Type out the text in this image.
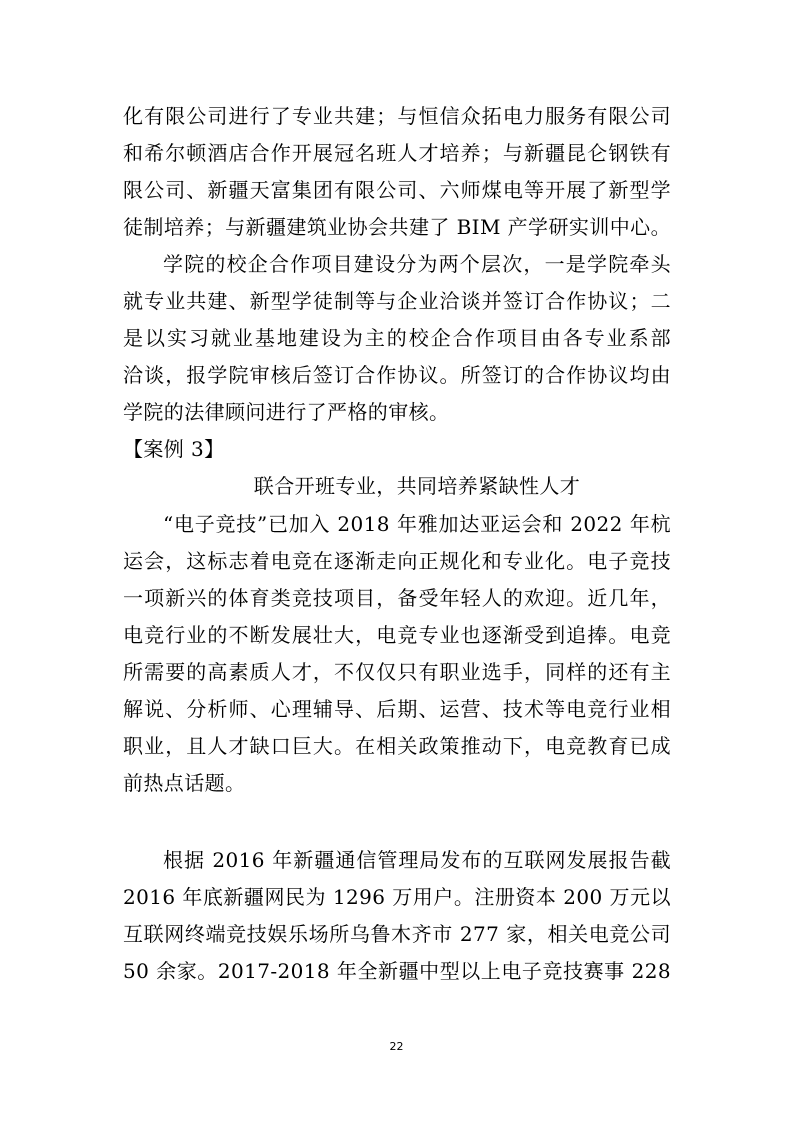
化有限公司进行了专业共建；与恒信众拓电力服务有限公司
和希尔顿酒店合作开展冠名班人才培养；与新疆昆仑钢铁有
限公司、新疆天富集团有限公司、六师煤电等开展了新型学
徒制培养；与新疆建筑业协会共建了 BIM 产学研实训中心。
学院的校企合作项目建设分为两个层次，一是学院牵头
就专业共建、新型学徒制等与企业洽谈并签订合作协议；二
是以实习就业基地建设为主的校企合作项目由各专业系部
洽谈，报学院审核后签订合作协议。所签订的合作协议均由
学院的法律顾问进行了严格的审核。
【案例 3】
联合开班专业，共同培养紧缺性人才
“电子竞技”已加入 2018 年雅加达亚运会和 2022 年杭
运会，这标志着电竞在逐渐走向正规化和专业化。电子竞技
一项新兴的体育类竞技项目，备受年轻人的欢迎。近几年，
电竞行业的不断发展壮大，电竞专业也逐渐受到追捧。电竞
所需要的高素质人才，不仅仅只有职业选手，同样的还有主
解说、分析师、心理辅导、后期、运营、技术等电竞行业相
职业，且人才缺口巨大。在相关政策推动下，电竞教育已成
前热点话题。
根据 2016 年新疆通信管理局发布的互联网发展报告截
2016 年底新疆网民为 1296 万用户。注册资本 200 万元以
互联网终端竞技娱乐场所乌鲁木齐市 277 家，相关电竞公司
50 余家。2017-2018 年全新疆中型以上电子竞技赛事 228
22
